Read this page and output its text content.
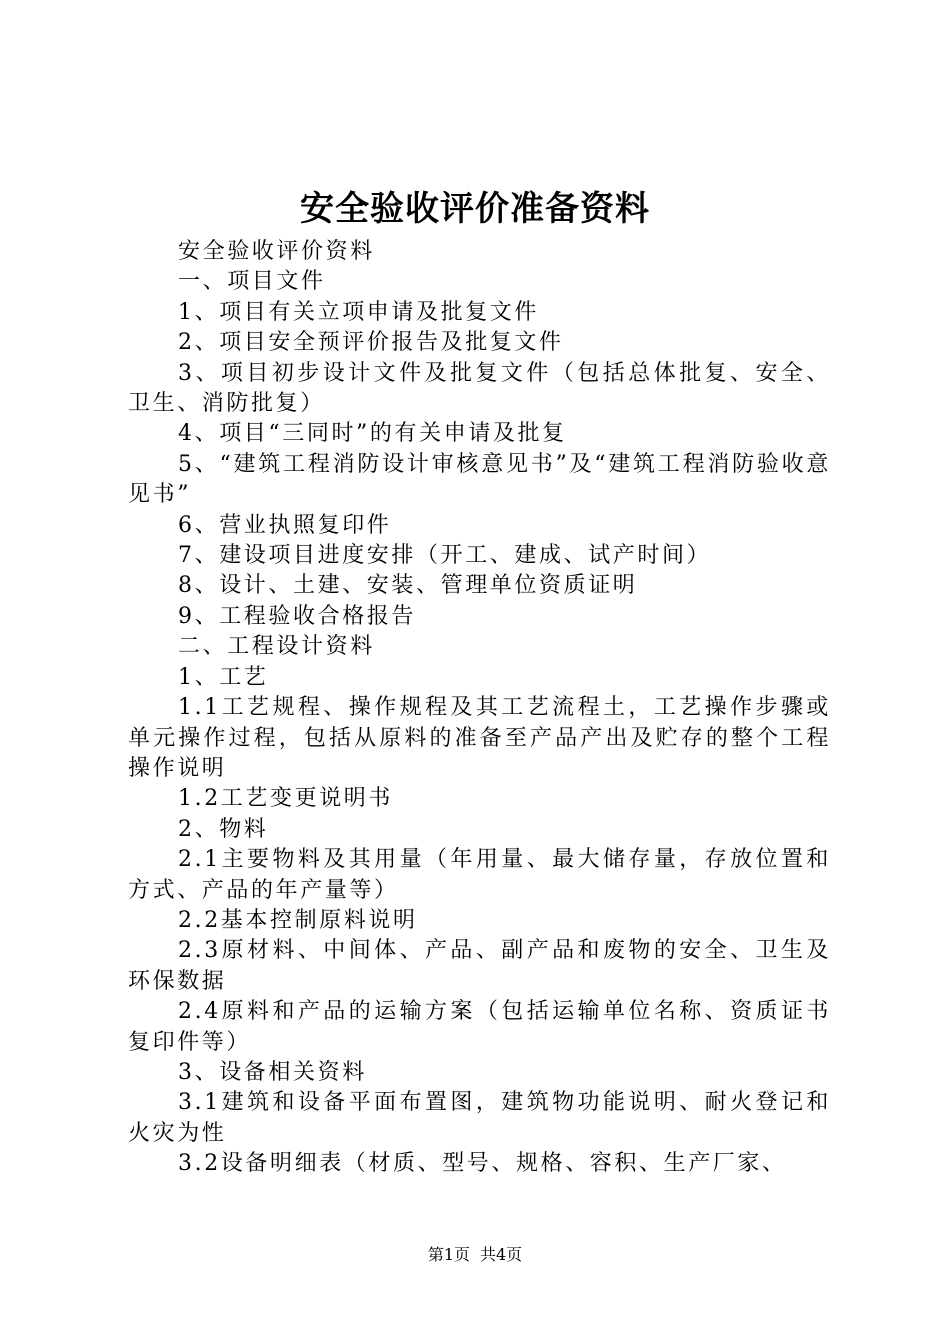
安全验收评价准备资料

安全验收评价资料

一、项目文件

1、项目有关立项申请及批复文件

2、项目安全预评价报告及批复文件

3、项目初步设计文件及批复文件（包括总体批复、安全、卫生、消防批复）

4、项目“三同时”的有关申请及批复

5、“建筑工程消防设计审核意见书”及“建筑工程消防验收意见书”

6、营业执照复印件

7、建设项目进度安排（开工、建成、试产时间）

8、设计、土建、安装、管理单位资质证明

9、工程验收合格报告

二、工程设计资料

1、工艺

1.1工艺规程、操作规程及其工艺流程土，工艺操作步骤或单元操作过程，包括从原料的准备至产品产出及贮存的整个工程操作说明

1.2工艺变更说明书

2、物料

2.1主要物料及其用量（年用量、最大储存量，存放位置和方式、产品的年产量等）

2.2基本控制原料说明

2.3原材料、中间体、产品、副产品和废物的安全、卫生及环保数据

2.4原料和产品的运输方案（包括运输单位名称、资质证书复印件等）

3、设备相关资料

3.1建筑和设备平面布置图，建筑物功能说明、耐火登记和火灾为性

3.2设备明细表（材质、型号、规格、容积、生产厂家、

第1页 共4页
